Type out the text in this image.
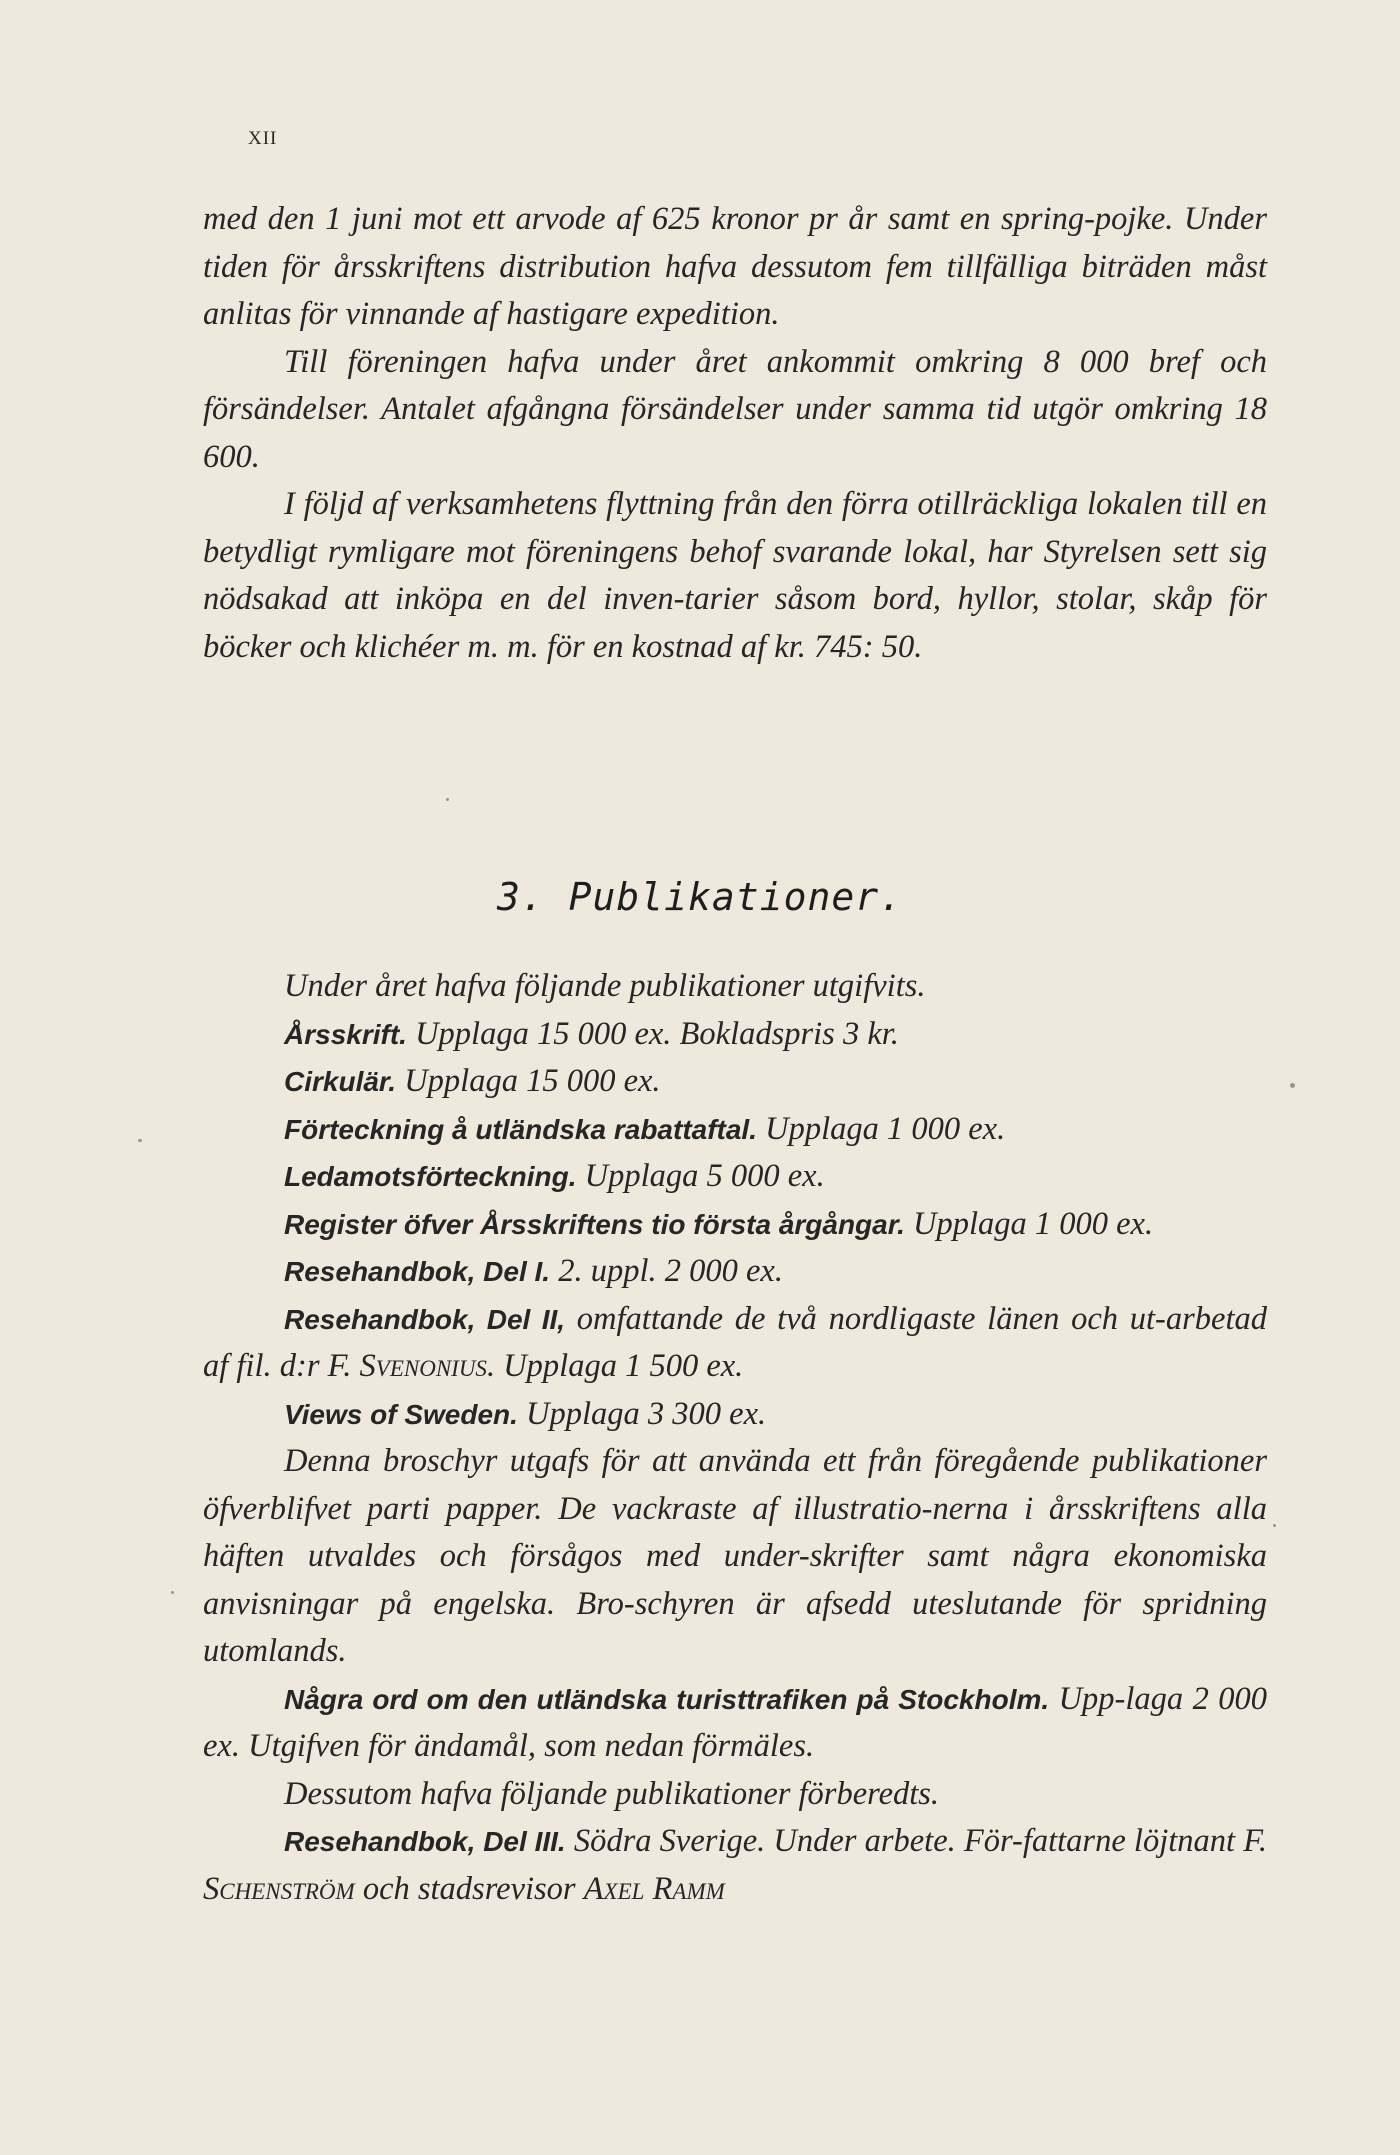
XII

med den 1 juni mot ett arvode af 625 kronor pr år samt en spring-pojke. Under tiden för årsskriftens distribution hafva dessutom fem tillfälliga biträden måst anlitas för vinnande af hastigare expedition.

Till föreningen hafva under året ankommit omkring 8 000 bref och försändelser. Antalet afgångna försändelser under samma tid utgör omkring 18 600.

I följd af verksamhetens flyttning från den förra otillräckliga lokalen till en betydligt rymligare mot föreningens behof svarande lokal, har Styrelsen sett sig nödsakad att inköpa en del inven-tarier såsom bord, hyllor, stolar, skåp för böcker och klichéer m. m. för en kostnad af kr. 745: 50.

3. Publikationer.

Under året hafva följande publikationer utgifvits.

Årsskrift. Upplaga 15 000 ex. Bokladspris 3 kr.

Cirkulär. Upplaga 15 000 ex.

Förteckning å utländska rabattaftal. Upplaga 1 000 ex.

Ledamotsförteckning. Upplaga 5 000 ex.

Register öfver Årsskriftens tio första årgångar. Upplaga 1 000 ex.

Resehandbok, Del I. 2. uppl. 2 000 ex.

Resehandbok, Del II, omfattande de två nordligaste länen och ut-arbetad af fil. d:r F. Svenonius. Upplaga 1 500 ex.

Views of Sweden. Upplaga 3 300 ex.

Denna broschyr utgafs för att använda ett från föregående publikationer öfverblifvet parti papper. De vackraste af illustratio-nerna i årsskriftens alla häften utvaldes och försågos med under-skrifter samt några ekonomiska anvisningar på engelska. Bro-schyren är afsedd uteslutande för spridning utomlands.

Några ord om den utländska turisttrafiken på Stockholm. Upp-laga 2 000 ex. Utgifven för ändamål, som nedan förmäles.

Dessutom hafva följande publikationer förberedts.

Resehandbok, Del III. Södra Sverige. Under arbete. För-fattarne löjtnant F. Schenström och stadsrevisor Axel Ramm
